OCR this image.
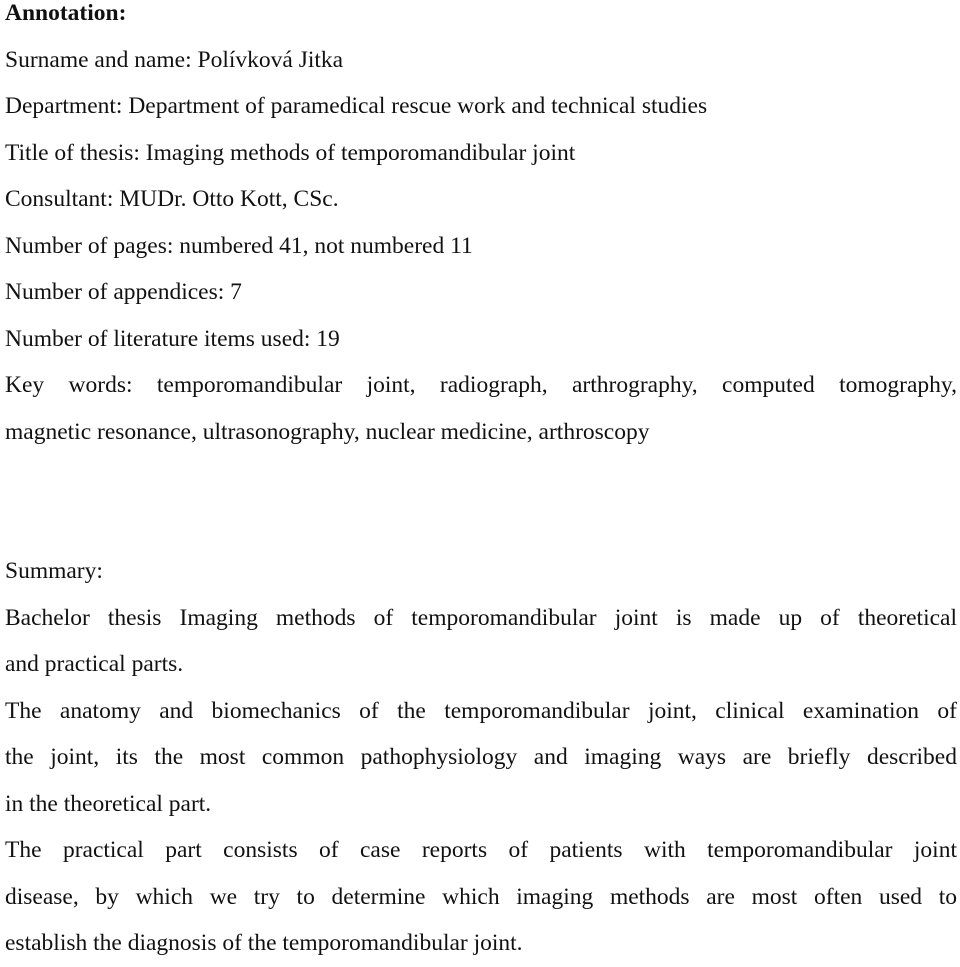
Annotation:
Surname and name: Polívková Jitka
Department: Department of paramedical rescue work and technical studies
Title of thesis: Imaging methods of temporomandibular joint
Consultant: MUDr. Otto Kott, CSc.
Number of pages: numbered 41, not numbered 11
Number of appendices: 7
Number of literature items used: 19
Key words: temporomandibular joint, radiograph, arthrography, computed tomography,
magnetic resonance, ultrasonography, nuclear medicine, arthroscopy
Summary:
Bachelor thesis Imaging methods of temporomandibular joint is made up of theoretical
and practical parts.
The anatomy and biomechanics of the temporomandibular joint, clinical examination of
the joint, its the most common pathophysiology and imaging ways are briefly described
in the theoretical part.
The practical part consists of case reports of patients with temporomandibular joint
disease, by which we try to determine which imaging methods are most often used to
establish the diagnosis of the temporomandibular joint.
